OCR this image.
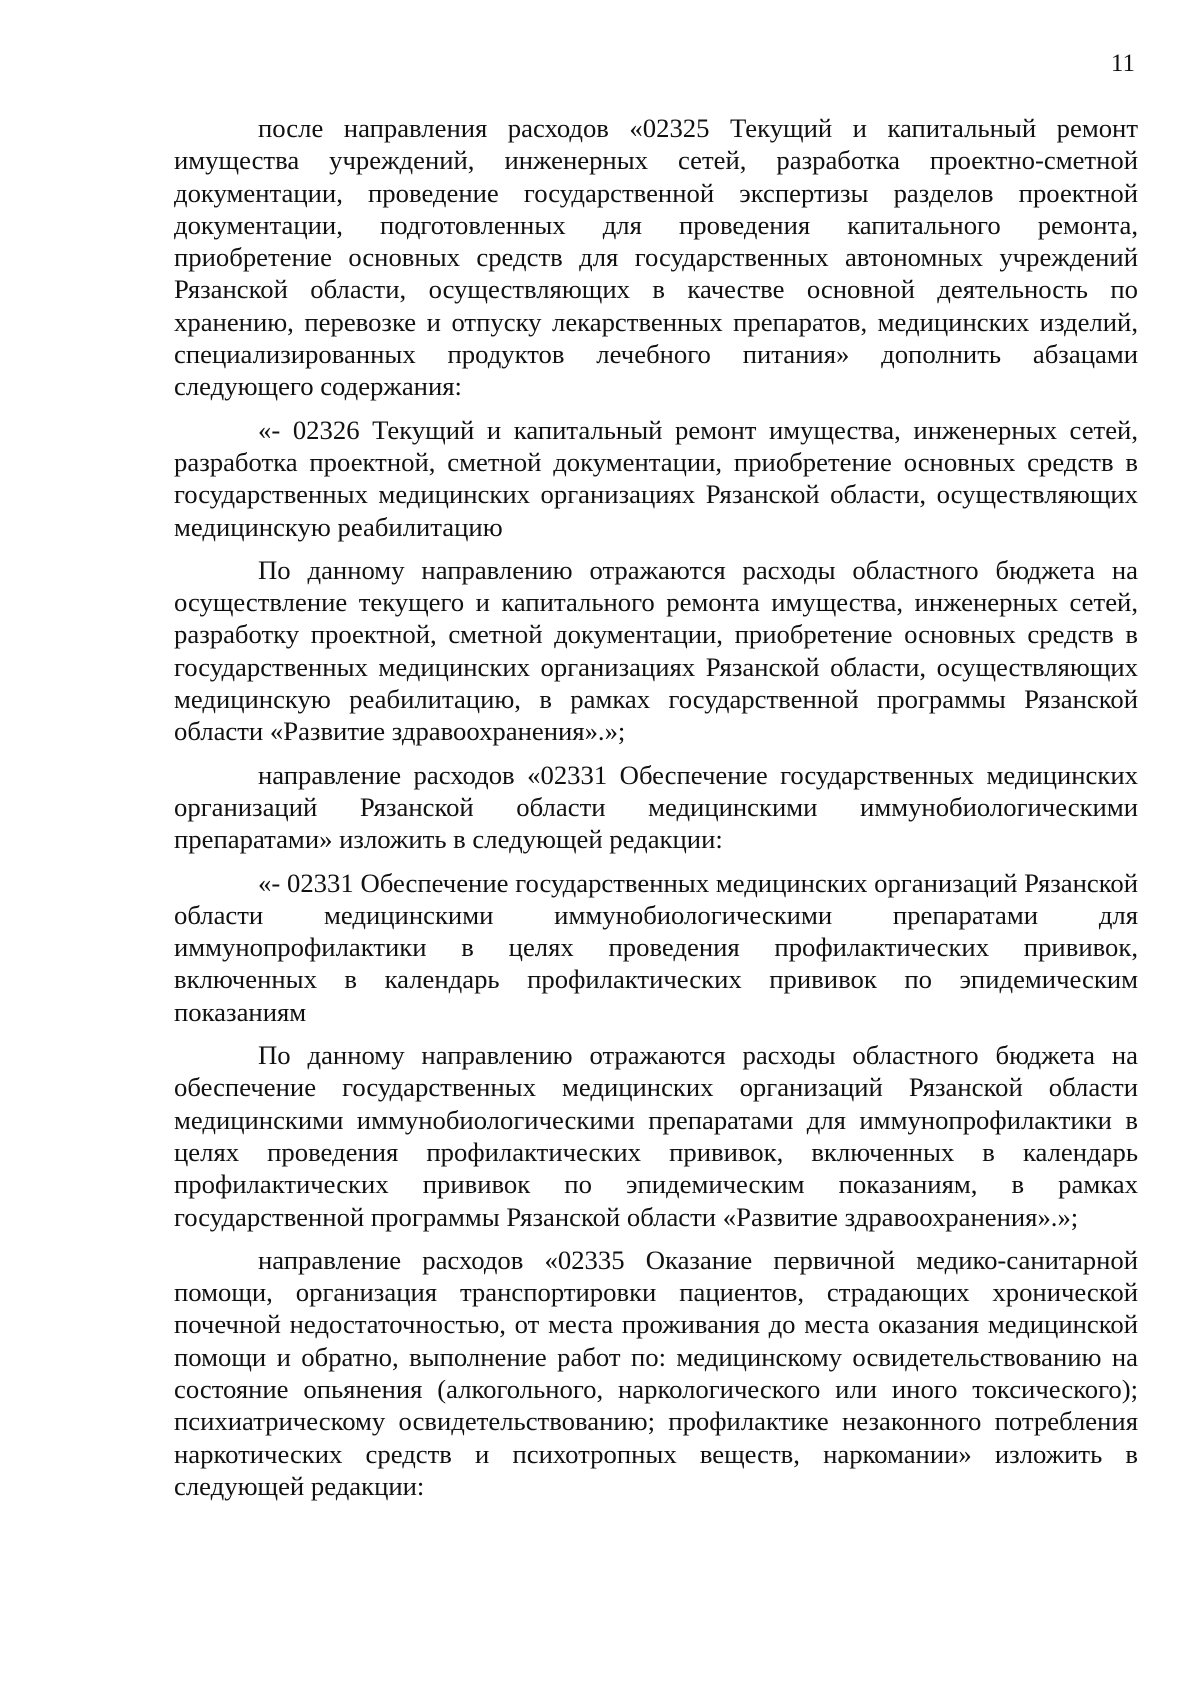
11

после направления расходов «02325 Текущий и капитальный ремонт имущества учреждений, инженерных сетей, разработка проектно-сметной документации, проведение государственной экспертизы разделов проектной документации, подготовленных для проведения капитального ремонта, приобретение основных средств для государственных автономных учреждений Рязанской области, осуществляющих в качестве основной деятельность по хранению, перевозке и отпуску лекарственных препаратов, медицинских изделий, специализированных продуктов лечебного питания» дополнить абзацами следующего содержания:

«- 02326 Текущий и капитальный ремонт имущества, инженерных сетей, разработка проектной, сметной документации, приобретение основных средств в государственных медицинских организациях Рязанской области, осуществляющих медицинскую реабилитацию

По данному направлению отражаются расходы областного бюджета на осуществление текущего и капитального ремонта имущества, инженерных сетей, разработку проектной, сметной документации, приобретение основных средств в государственных медицинских организациях Рязанской области, осуществляющих медицинскую реабилитацию, в рамках государственной программы Рязанской области «Развитие здравоохранения».»;

направление расходов «02331 Обеспечение государственных медицинских организаций Рязанской области медицинскими иммунобиологическими препаратами» изложить в следующей редакции:

«- 02331 Обеспечение государственных медицинских организаций Рязанской области медицинскими иммунобиологическими препаратами для иммунопрофилактики в целях проведения профилактических прививок, включенных в календарь профилактических прививок по эпидемическим показаниям

По данному направлению отражаются расходы областного бюджета на обеспечение государственных медицинских организаций Рязанской области медицинскими иммунобиологическими препаратами для иммунопрофилактики в целях проведения профилактических прививок, включенных в календарь профилактических прививок по эпидемическим показаниям, в рамках государственной программы Рязанской области «Развитие здравоохранения».»;

направление расходов «02335 Оказание первичной медико-санитарной помощи, организация транспортировки пациентов, страдающих хронической почечной недостаточностью, от места проживания до места оказания медицинской помощи и обратно, выполнение работ по: медицинскому освидетельствованию на состояние опьянения (алкогольного, наркологического или иного токсического); психиатрическому освидетельствованию; профилактике незаконного потребления наркотических средств и психотропных веществ, наркомании» изложить в следующей редакции:
